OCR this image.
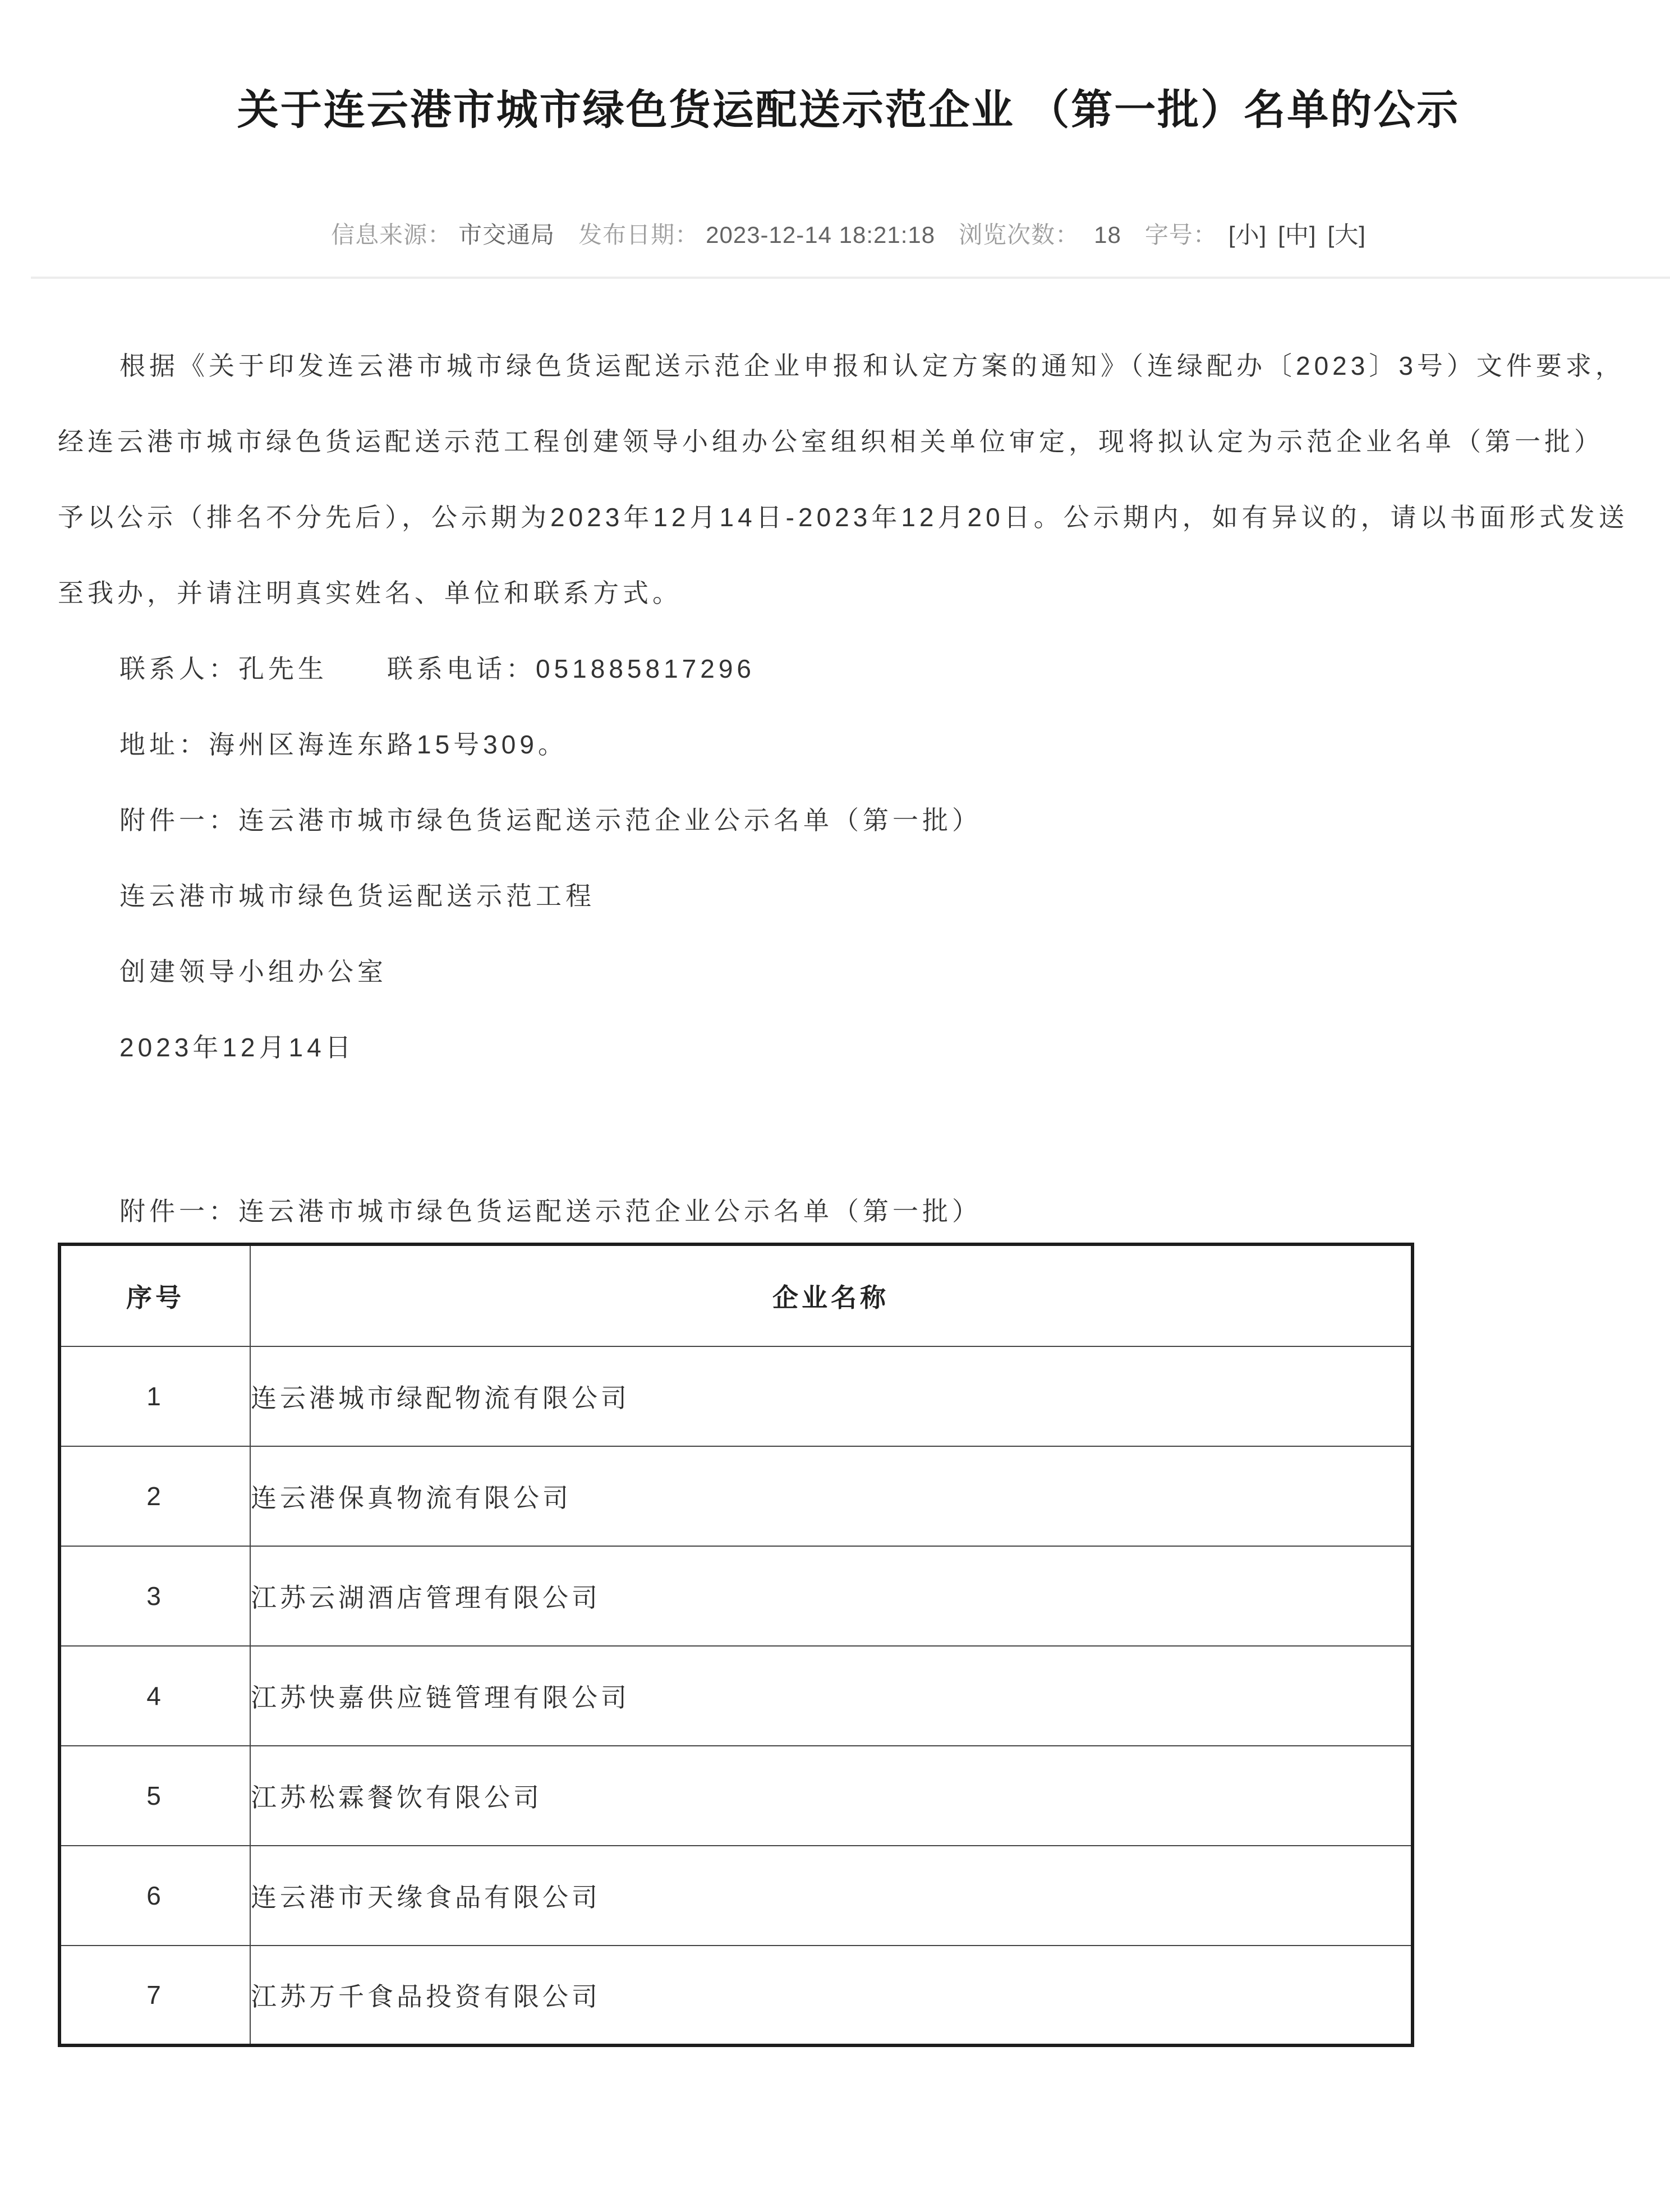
关于连云港市城市绿色货运配送示范企业 （第一批）名单的公示
信息来源： 市交通局 发布日期： 2023-12-14 18:21:18 浏览次数： 18 字号： [小] [中] [大]

根据《关于印发连云港市城市绿色货运配送示范企业申报和认定方案的通知》（连绿配办〔2023〕3号）文件要求，

经连云港市城市绿色货运配送示范工程创建领导小组办公室组织相关单位审定，现将拟认定为示范企业名单（第一批）

予以公示（排名不分先后），公示期为2023年12月14日-2023年12月20日。公示期内，如有异议的，请以书面形式发送

至我办，并请注明真实姓名、单位和联系方式。

联系人：孔先生　　联系电话：051885817296

地址：海州区海连东路15号309。

附件一：连云港市城市绿色货运配送示范企业公示名单（第一批）

连云港市城市绿色货运配送示范工程

创建领导小组办公室

2023年12月14日

附件一：连云港市城市绿色货运配送示范企业公示名单（第一批）

序号	企业名称
1	连云港城市绿配物流有限公司
2	连云港保真物流有限公司
3	江苏云湖酒店管理有限公司
4	江苏快嘉供应链管理有限公司
5	江苏松霖餐饮有限公司
6	连云港市天缘食品有限公司
7	江苏万千食品投资有限公司
